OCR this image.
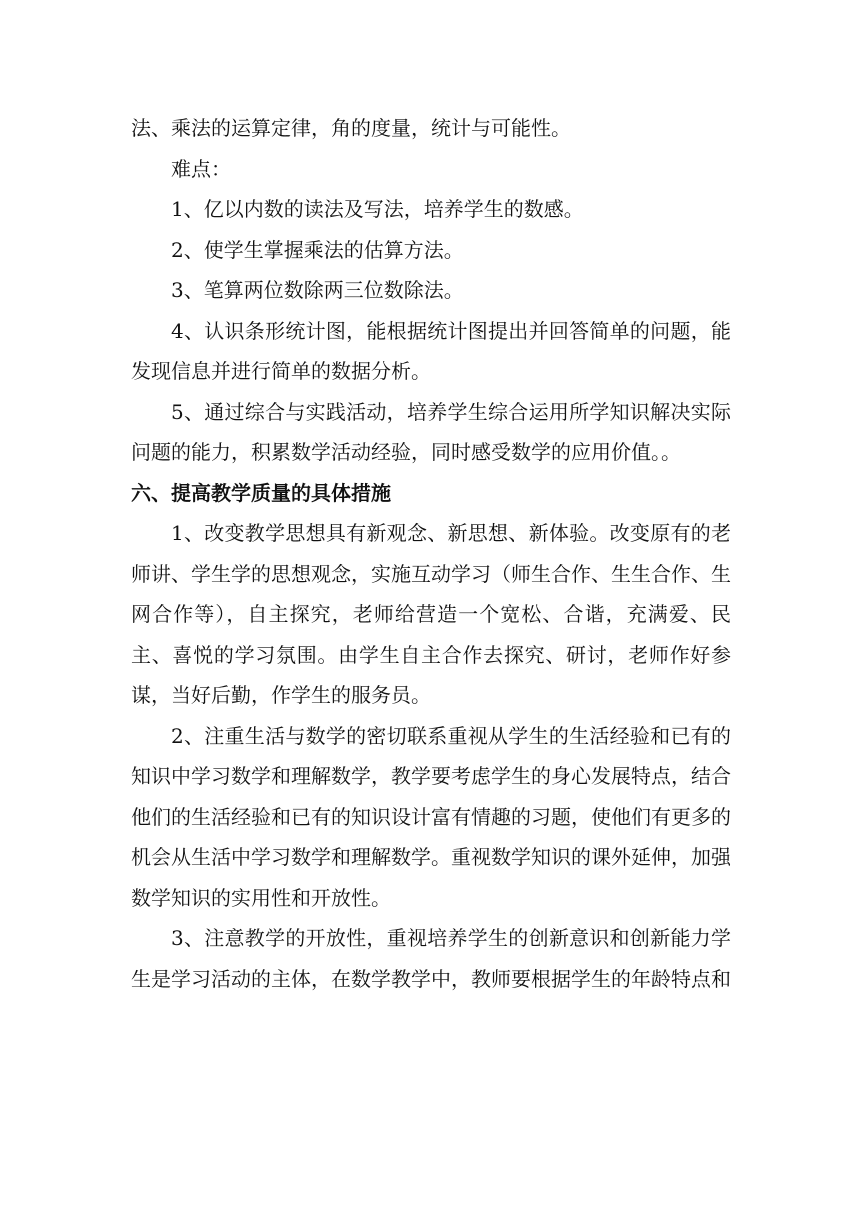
法、乘法的运算定律，角的度量，统计与可能性。

难点：

1、亿以内数的读法及写法，培养学生的数感。

2、使学生掌握乘法的估算方法。

3、笔算两位数除两三位数除法。

4、认识条形统计图，能根据统计图提出并回答简单的问题，能发现信息并进行简单的数据分析。

5、通过综合与实践活动，培养学生综合运用所学知识解决实际问题的能力，积累数学活动经验，同时感受数学的应用价值。。

六、提高教学质量的具体措施

1、改变教学思想具有新观念、新思想、新体验。改变原有的老师讲、学生学的思想观念，实施互动学习（师生合作、生生合作、生网合作等），自主探究，老师给营造一个宽松、合谐，充满爱、民主、喜悦的学习氛围。由学生自主合作去探究、研讨，老师作好参谋，当好后勤，作学生的服务员。

2、注重生活与数学的密切联系重视从学生的生活经验和已有的知识中学习数学和理解数学，教学要考虑学生的身心发展特点，结合他们的生活经验和已有的知识设计富有情趣的习题，使他们有更多的机会从生活中学习数学和理解数学。重视数学知识的课外延伸，加强数学知识的实用性和开放性。

3、注意教学的开放性，重视培养学生的创新意识和创新能力学生是学习活动的主体，在数学教学中，教师要根据学生的年龄特点和
